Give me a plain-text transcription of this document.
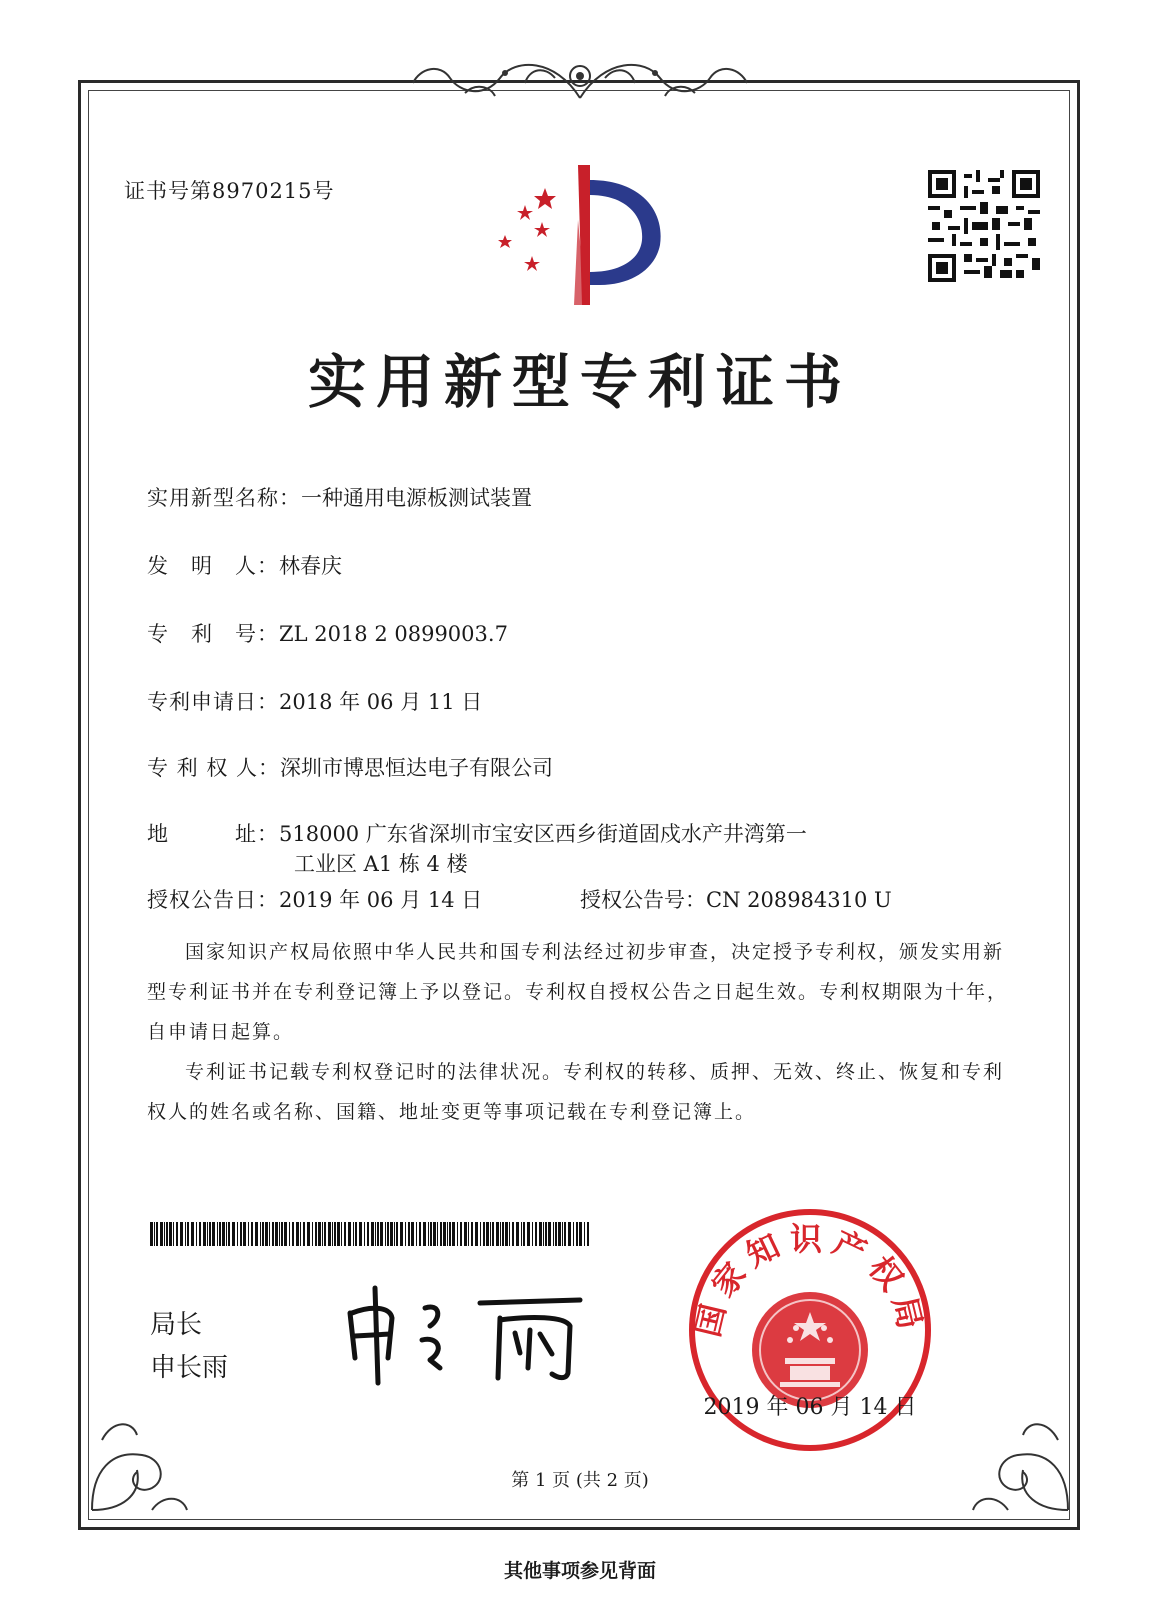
证书号第8970215号
实用新型专利证书
实用新型名称：一种通用电源板测试装置
发　明　人：林春庆
专　利　号：ZL 2018 2 0899003.7
专利申请日：2018 年 06 月 11 日
专 利 权 人：深圳市博思恒达电子有限公司
地　　　址：518000 广东省深圳市宝安区西乡街道固戍水产井湾第一
工业区 A1 栋 4 楼
授权公告日：2019 年 06 月 14 日	授权公告号：CN 208984310 U
国家知识产权局依照中华人民共和国专利法经过初步审查，决定授予专利权，颁发实用新型专利证书并在专利登记簿上予以登记。专利权自授权公告之日起生效。专利权期限为十年，自申请日起算。
专利证书记载专利权登记时的法律状况。专利权的转移、质押、无效、终止、恢复和专利权人的姓名或名称、国籍、地址变更等事项记载在专利登记簿上。
局长
申长雨
国家知识产权局
2019 年 06 月 14 日
第 1 页 (共 2 页)
其他事项参见背面
